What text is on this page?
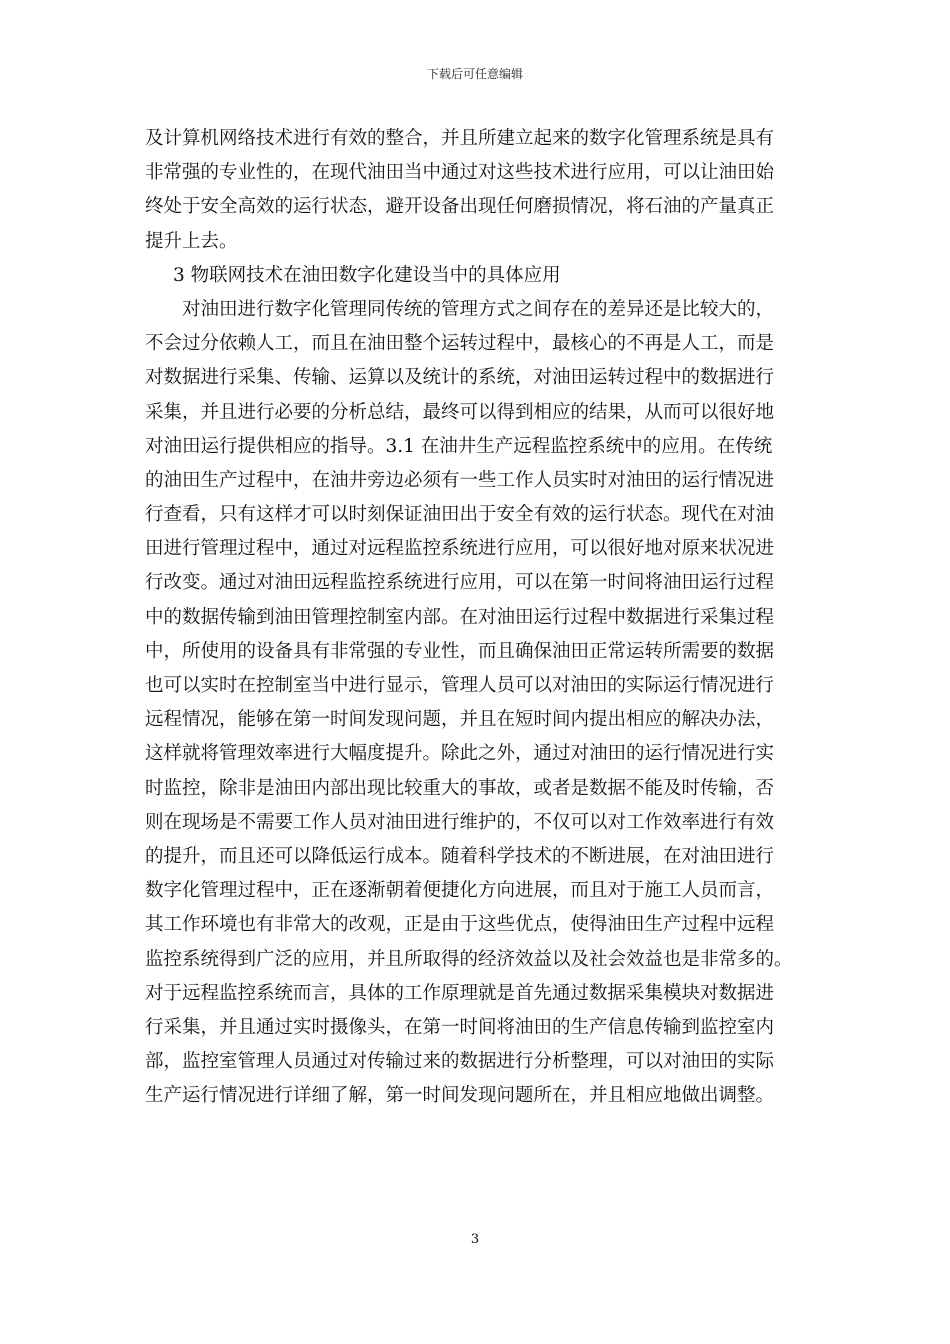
下载后可任意编辑
及计算机网络技术进行有效的整合，并且所建立起来的数字化管理系统是具有
非常强的专业性的，在现代油田当中通过对这些技术进行应用，可以让油田始
终处于安全高效的运行状态，避开设备出现任何磨损情况，将石油的产量真正
提升上去。
3 物联网技术在油田数字化建设当中的具体应用
对油田进行数字化管理同传统的管理方式之间存在的差异还是比较大的，
不会过分依赖人工，而且在油田整个运转过程中，最核心的不再是人工，而是
对数据进行采集、传输、运算以及统计的系统，对油田运转过程中的数据进行
采集，并且进行必要的分析总结，最终可以得到相应的结果，从而可以很好地
对油田运行提供相应的指导。3.1 在油井生产远程监控系统中的应用。在传统
的油田生产过程中，在油井旁边必须有一些工作人员实时对油田的运行情况进
行查看，只有这样才可以时刻保证油田出于安全有效的运行状态。现代在对油
田进行管理过程中，通过对远程监控系统进行应用，可以很好地对原来状况进
行改变。通过对油田远程监控系统进行应用，可以在第一时间将油田运行过程
中的数据传输到油田管理控制室内部。在对油田运行过程中数据进行采集过程
中，所使用的设备具有非常强的专业性，而且确保油田正常运转所需要的数据
也可以实时在控制室当中进行显示，管理人员可以对油田的实际运行情况进行
远程情况，能够在第一时间发现问题，并且在短时间内提出相应的解决办法，
这样就将管理效率进行大幅度提升。除此之外，通过对油田的运行情况进行实
时监控，除非是油田内部出现比较重大的事故，或者是数据不能及时传输，否
则在现场是不需要工作人员对油田进行维护的，不仅可以对工作效率进行有效
的提升，而且还可以降低运行成本。随着科学技术的不断进展，在对油田进行
数字化管理过程中，正在逐渐朝着便捷化方向进展，而且对于施工人员而言，
其工作环境也有非常大的改观，正是由于这些优点，使得油田生产过程中远程
监控系统得到广泛的应用，并且所取得的经济效益以及社会效益也是非常多的。
对于远程监控系统而言，具体的工作原理就是首先通过数据采集模块对数据进
行采集，并且通过实时摄像头，在第一时间将油田的生产信息传输到监控室内
部，监控室管理人员通过对传输过来的数据进行分析整理，可以对油田的实际
生产运行情况进行详细了解，第一时间发现问题所在，并且相应地做出调整。
3
